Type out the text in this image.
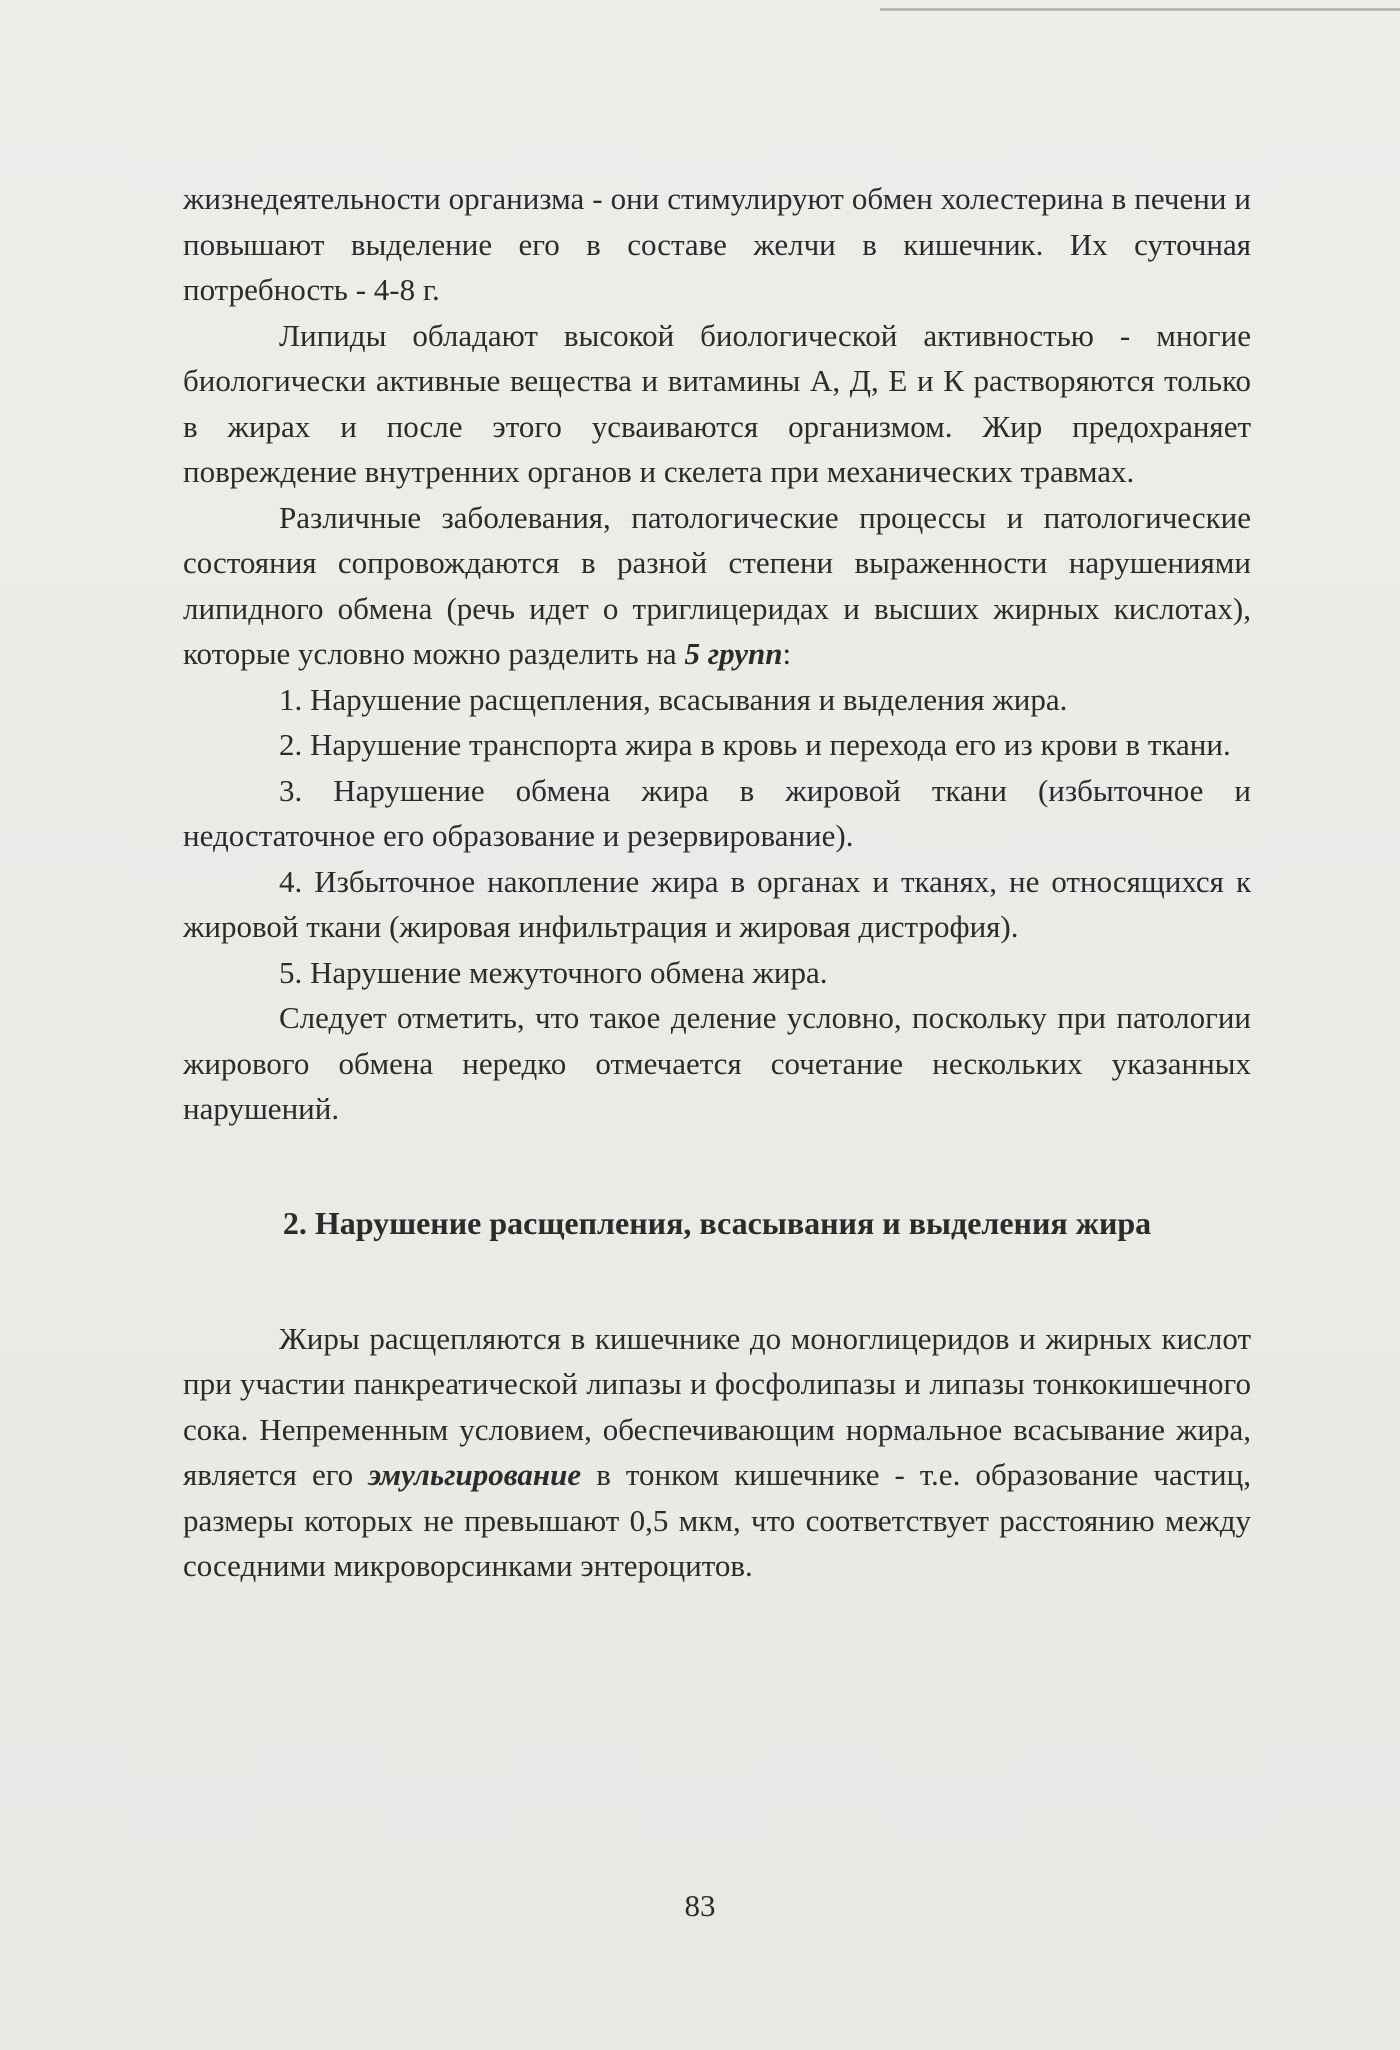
жизнедеятельности организма - они стимулируют обмен холестерина в печени и повышают выделение его в составе желчи в кишечник. Их суточная потребность - 4-8 г.

Липиды обладают высокой биологической активностью - многие биологически активные вещества и витамины А, Д, Е и К растворяются только в жирах и после этого усваиваются организмом. Жир предохраняет повреждение внутренних органов и скелета при механических травмах.

Различные заболевания, патологические процессы и патологические состояния сопровождаются в разной степени выраженности нарушениями липидного обмена (речь идет о триглицеридах и высших жирных кислотах), которые условно можно разделить на 5 групп:

1. Нарушение расщепления, всасывания и выделения жира.

2. Нарушение транспорта жира в кровь и перехода его из крови в ткани.

3. Нарушение обмена жира в жировой ткани (избыточное и недостаточное его образование и резервирование).

4. Избыточное накопление жира в органах и тканях, не относящихся к жировой ткани (жировая инфильтрация и жировая дистрофия).

5. Нарушение межуточного обмена жира.

Следует отметить, что такое деление условно, поскольку при патологии жирового обмена нередко отмечается сочетание нескольких указанных нарушений.

2. Нарушение расщепления, всасывания и выделения жира

Жиры расщепляются в кишечнике до моноглицеридов и жирных кислот при участии панкреатической липазы и фосфолипазы и липазы тонкокишечного сока. Непременным условием, обеспечивающим нормальное всасывание жира, является его эмульгирование в тонком кишечнике - т.е. образование частиц, размеры которых не превышают 0,5 мкм, что соответствует расстоянию между соседними микроворсинками энтероцитов.

83
